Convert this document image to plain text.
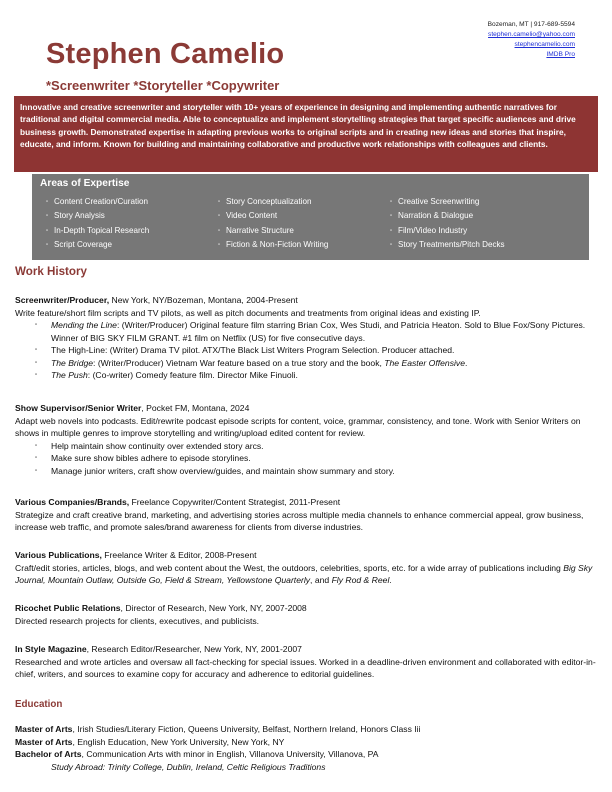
Bozeman, MT | 917-689-5594
stephen.camelio@yahoo.com
stephencamelio.com
IMDB Pro
Stephen Camelio
*Screenwriter *Storyteller *Copywriter
Innovative and creative screenwriter and storyteller with 10+ years of experience in designing and implementing authentic narratives for traditional and digital commercial media. Able to conceptualize and implement storytelling strategies that target specific audiences and drive business growth. Demonstrated expertise in adapting previous works to original scripts and in creating new ideas and stories that inspire, educate, and inform. Known for building and maintaining collaborative and productive work relationships with colleagues and clients.
Areas of Expertise
▫ Content Creation/Curation
▫ Story Analysis
▫ In-Depth Topical Research
▫ Script Coverage
▫ Story Conceptualization
▫ Video Content
▫ Narrative Structure
▫ Fiction & Non-Fiction Writing
▫ Creative Screenwriting
▫ Narration & Dialogue
▫ Film/Video Industry
▫ Story Treatments/Pitch Decks
Work History
Screenwriter/Producer, New York, NY/Bozeman, Montana, 2004-Present
Write feature/short film scripts and TV pilots, as well as pitch documents and treatments from original ideas and existing IP.
▫	Mending the Line: (Writer/Producer) Original feature film starring Brian Cox, Wes Studi, and Patricia Heaton. Sold to Blue Fox/Sony Pictures. Winner of BIG SKY FILM GRANT. #1 film on Netflix (US) for five consecutive days.
▫	The High-Line: (Writer) Drama TV pilot. ATX/The Black List Writers Program Selection. Producer attached.
▫	The Bridge: (Writer/Producer) Vietnam War feature based on a true story and the book, The Easter Offensive.
▫	The Push: (Co-writer) Comedy feature film. Director Mike Finuoli.
Show Supervisor/Senior Writer, Pocket FM, Montana, 2024
Adapt web novels into podcasts. Edit/rewrite podcast episode scripts for content, voice, grammar, consistency, and tone. Work with Senior Writers on shows in multiple genres to improve storytelling and writing/upload edited content for review.
▫	Help maintain show continuity over extended story arcs.
▫	Make sure show bibles adhere to episode storylines.
▫	Manage junior writers, craft show overview/guides, and maintain show summary and story.
Various Companies/Brands, Freelance Copywriter/Content Strategist, 2011-Present
Strategize and craft creative brand, marketing, and advertising stories across multiple media channels to enhance commercial appeal, grow business, increase web traffic, and promote sales/brand awareness for clients from diverse industries.
Various Publications, Freelance Writer & Editor, 2008-Present
Craft/edit stories, articles, blogs, and web content about the West, the outdoors, celebrities, sports, etc. for a wide array of publications including Big Sky Journal, Mountain Outlaw, Outside Go, Field & Stream, Yellowstone Quarterly, and Fly Rod & Reel.
Ricochet Public Relations, Director of Research, New York, NY, 2007-2008
Directed research projects for clients, executives, and publicists.
In Style Magazine, Research Editor/Researcher, New York, NY, 2001-2007
Researched and wrote articles and oversaw all fact-checking for special issues. Worked in a deadline-driven environment and collaborated with editor-in-chief, writers, and sources to examine copy for accuracy and adherence to editorial guidelines.
Education
Master of Arts, Irish Studies/Literary Fiction, Queens University, Belfast, Northern Ireland, Honors Class Iii
Master of Arts, English Education, New York University, New York, NY
Bachelor of Arts, Communication Arts with minor in English, Villanova University, Villanova, PA
Study Abroad: Trinity College, Dublin, Ireland, Celtic Religious Traditions
